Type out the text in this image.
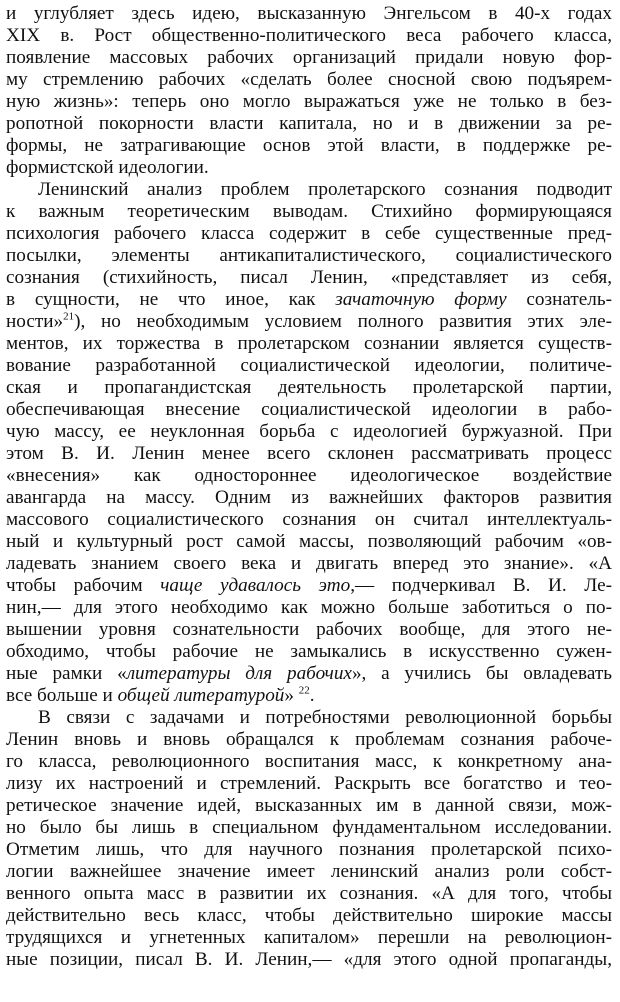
и углубляет здесь идею, высказанную Энгельсом в 40-х годах
XIX в. Рост общественно-политического веса рабочего класса,
появление массовых рабочих организаций придали новую фор-
му стремлению рабочих «сделать более сносной свою подъярем-
ную жизнь»: теперь оно могло выражаться уже не только в без-
ропотной покорности власти капитала, но и в движении за ре-
формы, не затрагивающие основ этой власти, в поддержке ре-
формистской идеологии.
Ленинский анализ проблем пролетарского сознания подводит
к важным теоретическим выводам. Стихийно формирующаяся
психология рабочего класса содержит в себе существенные пред-
посылки, элементы антикапиталистического, социалистического
сознания (стихийность, писал Ленин, «представляет из себя,
в сущности, не что иное, как зачаточную форму сознатель-
ности»$^{21}$), но необходимым условием полного развития этих эле-
ментов, их торжества в пролетарском сознании является существ-
вование разработанной социалистической идеологии, политиче-
ская и пропагандистская деятельность пролетарской партии,
обеспечивающая внесение социалистической идеологии в рабо-
чую массу, ее неуклонная борьба с идеологией буржуазной. При
этом В. И. Ленин менее всего склонен рассматривать процесс
«внесения» как одностороннее идеологическое воздействие
авангарда на массу. Одним из важнейших факторов развития
массового социалистического сознания он считал интеллектуаль-
ный и культурный рост самой массы, позволяющий рабочим «ов-
ладевать знанием своего века и двигать вперед это знание». «А
чтобы рабочим чаще удавалось это,— подчеркивал В. И. Ле-
нин,— для этого необходимо как можно больше заботиться о по-
вышении уровня сознательности рабочих вообще, для этого не-
обходимо, чтобы рабочие не замыкались в искусственно сужен-
ные рамки «литературы для рабочих», а учились бы овладевать
все больше и общей литературой» $^{22}$.
В связи с задачами и потребностями революционной борьбы
Ленин вновь и вновь обращался к проблемам сознания рабоче-
го класса, революционного воспитания масс, к конкретному ана-
лизу их настроений и стремлений. Раскрыть все богатство и тео-
ретическое значение идей, высказанных им в данной связи, мож-
но было бы лишь в специальном фундаментальном исследовании.
Отметим лишь, что для научного познания пролетарской психо-
логии важнейшее значение имеет ленинский анализ роли собст-
венного опыта масс в развитии их сознания. «А для того, чтобы
действительно весь класс, чтобы действительно широкие массы
трудящихся и угнетенных капиталом» перешли на революцион-
ные позиции, писал В. И. Ленин,— «для этого одной пропаганды,
